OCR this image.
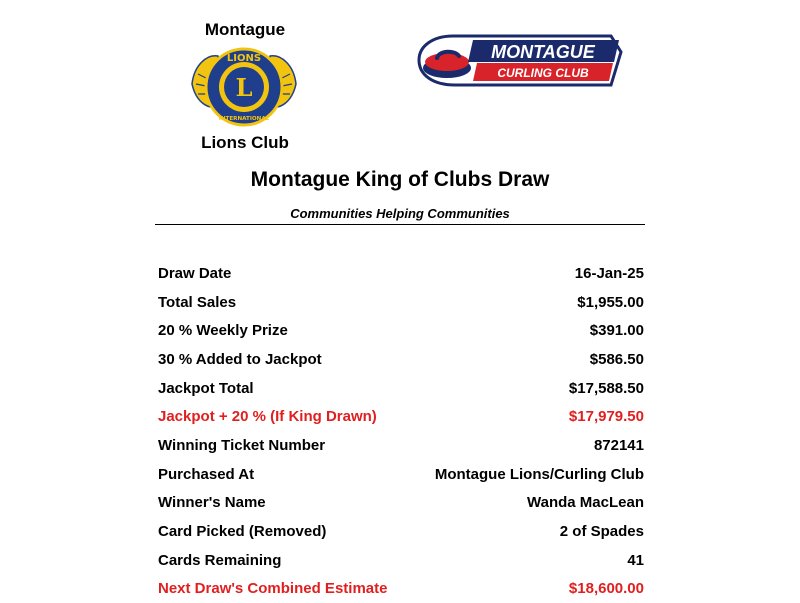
Montague
L
LIONS
INTERNATIONAL
Lions Club
MONTAGUE
CURLING CLUB
Montague King of Clubs Draw
Communities Helping Communities
Draw Date	16-Jan-25
Total Sales	$1,955.00
20 % Weekly Prize	$391.00
30 % Added to Jackpot	$586.50
Jackpot Total	$17,588.50
Jackpot + 20 % (If King Drawn)	$17,979.50
Winning Ticket Number	872141
Purchased At	Montague Lions/Curling Club
Winner's Name	Wanda MacLean
Card Picked (Removed)	2 of Spades
Cards Remaining	41
Next Draw's Combined Estimate	$18,600.00
